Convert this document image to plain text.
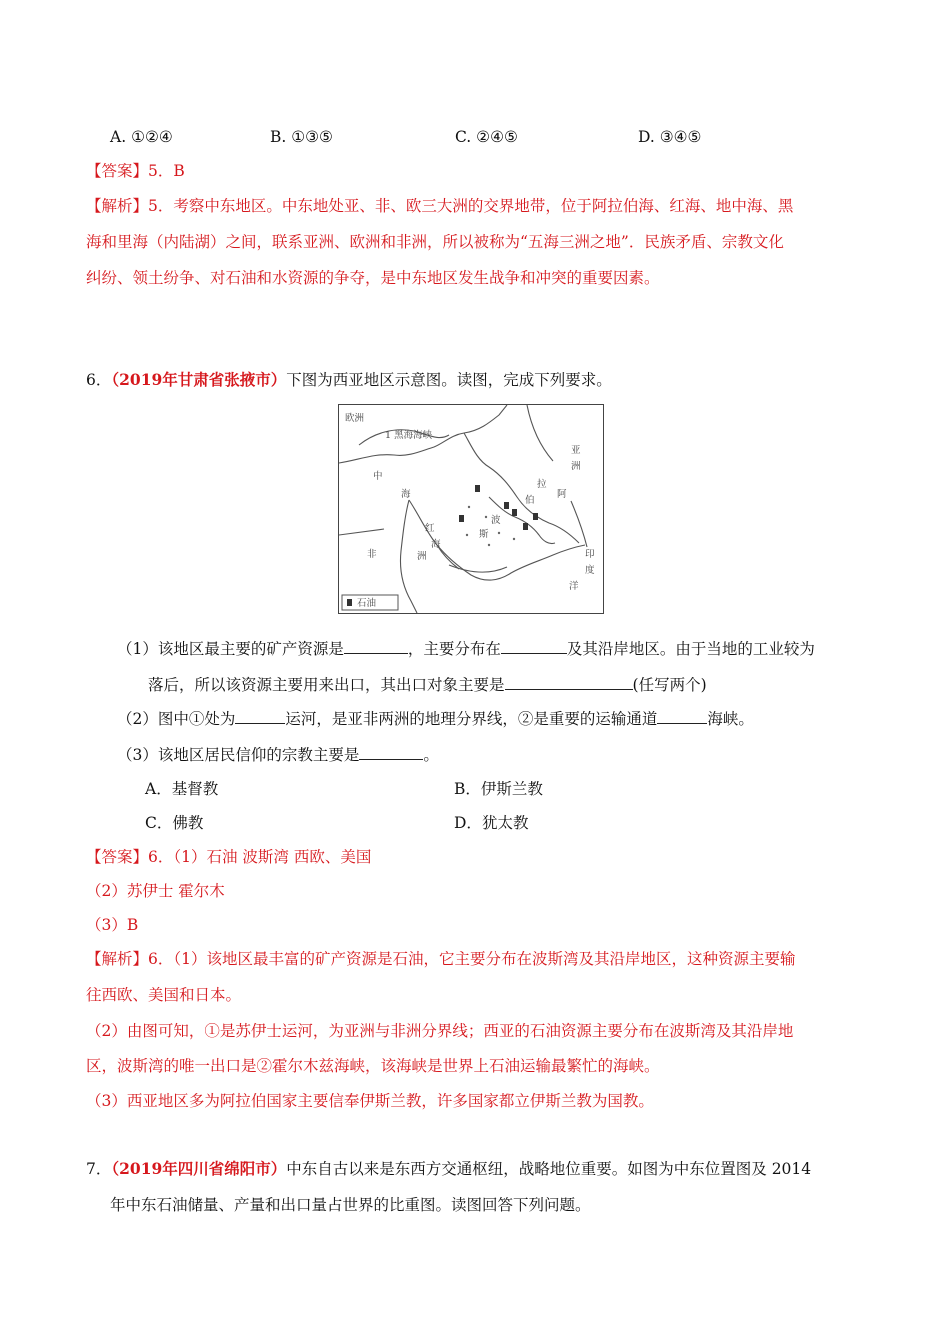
A. ①②④	B. ①③⑤	C. ②④⑤	D. ③④⑤
【答案】5．B
【解析】5．考察中东地区。中东地处亚、非、欧三大洲的交界地带，位于阿拉伯海、红海、地中海、黑
海和里海（内陆湖）之间，联系亚洲、欧洲和非洲，所以被称为“五海三洲之地”．民族矛盾、宗教文化
纠纷、领土纷争、对石油和水资源的争夺，是中东地区发生战争和冲突的重要因素。
6．（2019年甘肃省张掖市）下图为西亚地区示意图。读图，完成下列要求。
欧洲
1 黑海海峡
中
海
红
海
非	洲
亚
洲
阿
拉
伯
波
斯
印
度
洋
石油
（1）该地区最主要的矿产资源是	，主要分布在	及其沿岸地区。由于当地的工业较为
落后，所以该资源主要用来出口，其出口对象主要是	(任写两个)
（2）图中①处为	运河，是亚非两洲的地理分界线，②是重要的运输通道	海峡。
（3）该地区居民信仰的宗教主要是	。
A．基督教	B．伊斯兰教
C．佛教	D．犹太教
【答案】6．（1）石油 波斯湾 西欧、美国
（2）苏伊士 霍尔木
（3）B
【解析】6．（1）该地区最丰富的矿产资源是石油，它主要分布在波斯湾及其沿岸地区，这种资源主要输
往西欧、美国和日本。
（2）由图可知，①是苏伊士运河，为亚洲与非洲分界线；西亚的石油资源主要分布在波斯湾及其沿岸地
区，波斯湾的唯一出口是②霍尔木兹海峡，该海峡是世界上石油运输最繁忙的海峡。
（3）西亚地区多为阿拉伯国家主要信奉伊斯兰教，许多国家都立伊斯兰教为国教。
7．（2019年四川省绵阳市）中东自古以来是东西方交通枢纽，战略地位重要。如图为中东位置图及 2014
年中东石油储量、产量和出口量占世界的比重图。读图回答下列问题。
